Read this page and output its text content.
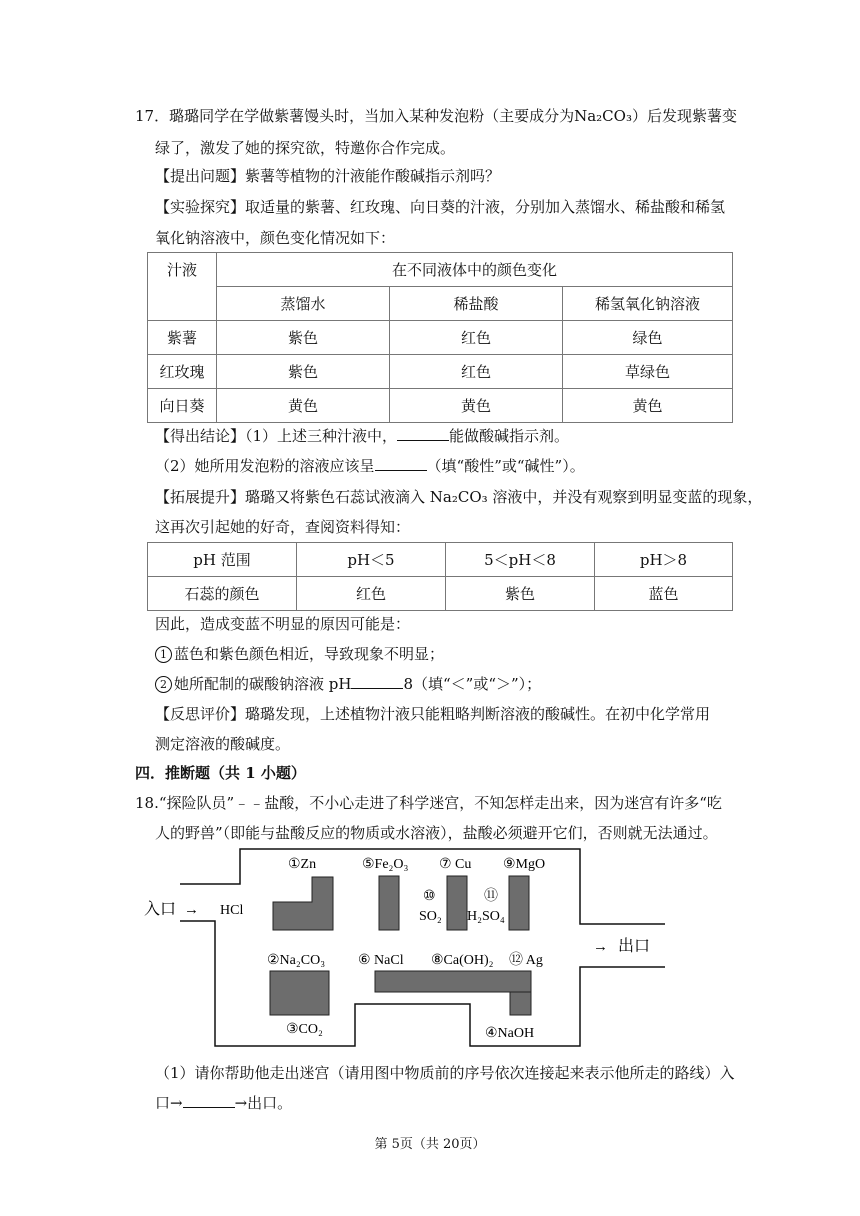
17．璐璐同学在学做紫薯馒头时，当加入某种发泡粉（主要成分为Na₂CO₃）后发现紫薯变
绿了，激发了她的探究欲，特邀你合作完成。
【提出问题】紫薯等植物的汁液能作酸碱指示剂吗？
【实验探究】取适量的紫薯、红玫瑰、向日葵的汁液，分别加入蒸馏水、稀盐酸和稀氢
氧化钠溶液中，颜色变化情况如下：
汁液	在不同液体中的颜色变化		
	蒸馏水	稀盐酸	稀氢氧化钠溶液
紫薯	紫色	红色	绿色
红玫瑰	紫色	红色	草绿色
向日葵	黄色	黄色	黄色
【得出结论】（1）上述三种汁液中，	能做酸碱指示剂。
（2）她所用发泡粉的溶液应该呈	（填“酸性”或“碱性”）。
【拓展提升】璐璐又将紫色石蕊试液滴入 Na₂CO₃ 溶液中，并没有观察到明显变蓝的现象，
这再次引起她的好奇，查阅资料得知：
pH 范围	pH＜5	5＜pH＜8	pH＞8
石蕊的颜色	红色	紫色	蓝色
因此，造成变蓝不明显的原因可能是：
1 蓝色和紫色颜色相近，导致现象不明显；
2 她所配制的碳酸钠溶液 pH	8（填“＜”或“＞”）；
【反思评价】璐璐发现，上述植物汁液只能粗略判断溶液的酸碱性。在初中化学常用
测定溶液的酸碱度。
四．推断题（共 1 小题）
18.“探险队员”﹣﹣盐酸，不小心走进了科学迷宫，不知怎样走出来，因为迷宫有许多“吃
人的野兽”（即能与盐酸反应的物质或水溶液），盐酸必须避开它们，否则就无法通过。
入口 → HCl
→ 出口
①Zn	⑤Fe₂O₃ ⑦ Cu ⑨MgO
⑩
SO₂
⑪
H₂SO₄
②Na₂CO₃ ⑥ NaCl ⑧Ca(OH)₂ ⑫ Ag
③CO₂	④NaOH
（1）请你帮助他走出迷宫（请用图中物质前的序号依次连接起来表示他所走的路线）入
口→	→出口。
第 5页（共 20页）
